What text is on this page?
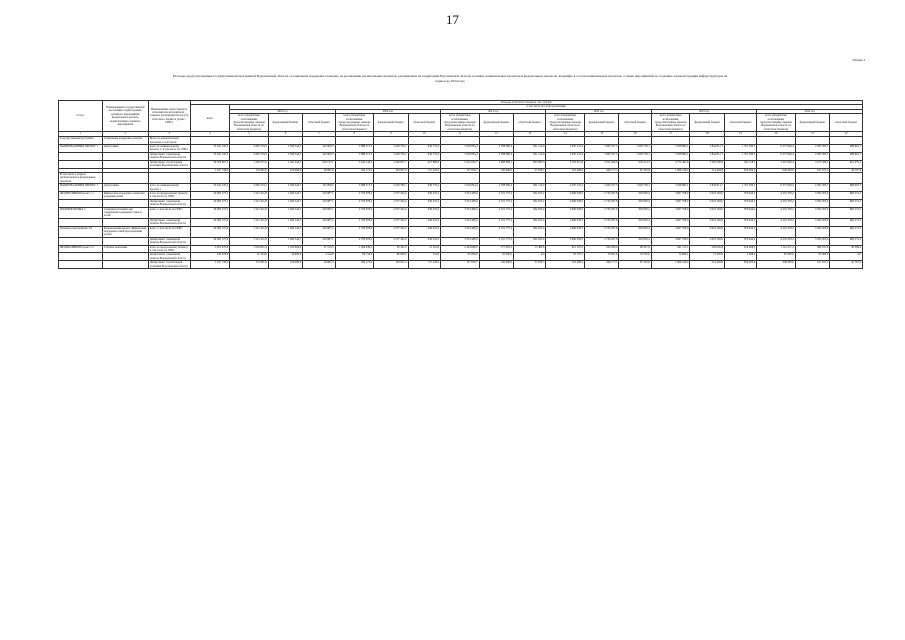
17
Таблица 4
Расходы, предусмотренные государственной программой Воронежской области «Социальная поддержка граждан» на реализацию региональных проектов, реализуемых на территории Воронежской области в рамках национальных проектов и федеральных проектов, входящих в состав национальных проектов, а также мероприятий по созданию и реконструкции инфраструктуры на период до 2024 года
Статус	Наименование государственной программы, подпрограммы, основного мероприятия, федерального проекта, подпрограммы основного мероприятия	Наименование ответственного исполнителя, исполнителя – главного распорядителя средств областного бюджета (далее – ГРБС)	Расходы областного бюджета, тыс. рублей																		
			всего	в том числе по годам реализации																	
				2019 год			2020 год			2021 год			2022 год			2023 год			2024 год		
				всего (бюджетные ассигнования, предусмотренные законом Воронежской области об областном бюджете)	федеральный бюджет	областной бюджет	всего (бюджетные ассигнования, предусмотренные законом Воронежской области об областном бюджете)	федеральный бюджет	областной бюджет	всего (бюджетные ассигнования, предусмотренные законом Воронежской области об областном бюджете)	федеральный бюджет	областной бюджет	всего (бюджетные ассигнования, предусмотренные законом Воронежской области об областном бюджете)	федеральный бюджет	областной бюджет	всего (бюджетные ассигнования, предусмотренные законом Воронежской области об областном бюджете)	федеральный бюджет	областной бюджет	всего (бюджетные ассигнования, предусмотренные законом Воронежской области об областном бюджете)	федеральный бюджет	областной бюджет
1	2	3	4	5	6	7	8	9	10	11	12	13	14	15	16	17	18	19	20	21	22
Государственная программа	Социальная поддержка граждан	Всего по национальным проектам, в том числе:																			
НАЦИОНАЛЬНЫЙ ПРОЕКТ 1	Демография	всего по национальному проекту 1, в том числе по ГРБС:	33 941 345,2	2 665 253,2	2 569 344,7	145 908,5	3 888 317,5	2 450 785,1	636 735,4	3 549 094,4	2 708 980,4	841 114,0	4 287 235,4	3 260 477,3	1 026 758,1	5 638 883,1	3 844 811,7	1 791 590,5	6 373 949,4	4 385 385,7	988 663,7
		Департамент социальной защиты Воронежской области	33 941 345,2	2 665 253,2	2 569 344,7	145 908,5	3 888 317,5	2 450 785,1	636 735,4	3 549 094,4	2 708 980,4	841 114,0	4 287 235,4	3 260 477,3	1 026 758,1	5 638 883,1	3 844 811,7	1 791 590,5	6 373 949,4	4 385 385,7	988 663,7
		Департамент строительной политики Воронежской области	30 503 607,3	1 583 471,6	1 463 344,7	418 127,1	3 624 144,3	2 346 837,7	427 806,6	3 412 063,7	2 608 998,1	803 065,3	3 763 831,0	2 814 299,6	939 214,3	4 772 463,9	3 330 226,9	941 118,1	5 425 664,4	3 473 586,5	961 979,1
			3 437 738,0	131 681,6	100 000,0	26 681,6	264 173,2	103 947,4	157 226,0	137 030,7	100 000,0	37 030,7	523 400,0	446 177,7	87 543,8	1 866 419,2	514 484,8	850 362,4	948 285,0	911 817,2	26 767,6
В том числе в разрезе региональных и федеральных проектов:																					
НАЦИОНАЛЬНЫЙ ПРОЕКТ 1	Демография	всего по национальному проекту 1	33 941 345,2	2 665 253,2	2 569 344,7	145 908,5	3 888 317,5	2 450 785,1	636 735,4	3 549 094,4	2 708 980,4	841 114,0	4 287 235,4	3 260 477,3	1 026 758,1	5 638 883,1	3 844 811,7	1 791 590,5	6 373 949,4	4 385 385,7	988 663,7
ФЕДЕРАЛЬНЫЙ проект 1.1	Финансовая поддержка семей при рождении детей	всего по федеральному проекту, в том числе по ГРБС:	29 065 727,4	1 521 431,8	1 404 544,7	416 887,1	2 793 878,4	2 357 443,2	436 435,2	3 354 408,4	2 531 775,2	822 633,2	3 666 038,2	2 736 207,8	929 830,4	4 697 768,0	3 618 184,9	979 644,2	4 232 478,2	3 395 203,9	960 274,3
		Департамент социальной защиты Воронежской области	29 065 727,4	1 521 431,8	1 404 544,7	416 887,1	2 793 878,4	2 357 443,2	436 435,2	3 354 408,4	2 531 775,2	822 633,2	3 666 038,2	2 736 207,8	929 830,4	4 697 768,0	3 618 184,9	979 644,2	4 232 478,2	3 395 203,9	960 274,3
ПОДПРОГРАММА 2	Совершенствование мер социальной поддержки семьи и детей	всего, в том числе по ГРБС:	29 065 727,4	1 521 431,8	1 404 544,7	416 887,1	2 793 878,4	2 357 443,2	436 435,2	3 354 408,4	2 531 775,2	822 633,2	3 666 038,2	2 736 207,8	929 830,4	4 697 768,0	3 618 184,9	979 644,2	4 232 478,2	3 395 203,9	960 274,3
		Департамент социальной защиты Воронежской области	29 065 727,4	1 521 431,8	1 404 544,7	416 887,1	2 793 878,4	2 357 443,2	436 435,2	3 354 408,4	2 531 775,2	822 633,2	3 666 038,2	2 736 207,8	929 830,4	4 697 768,0	3 618 184,9	979 644,2	4 232 478,2	3 395 203,9	960 274,3
Основное мероприятие 2.6	Региональный проект «Финансовая поддержка семей при рождении детей»	всего, в том числе по ГРБС:	29 065 727,4	1 521 431,8	1 404 544,7	416 887,1	2 793 878,4	2 357 443,2	436 435,2	3 354 408,4	2 531 775,2	822 633,2	3 666 038,2	2 736 207,8	929 830,4	4 697 768,0	3 618 184,9	979 644,2	4 232 478,2	3 395 203,9	960 274,3
		Департамент социальной защиты Воронежской области	29 065 727,4	1 521 431,8	1 404 544,7	416 887,1	2 793 878,4	2 357 443,2	436 435,2	3 354 408,4	2 531 775,2	822 633,2	3 666 038,2	2 736 207,8	929 830,4	4 697 768,0	3 618 184,9	979 644,2	4 232 478,2	3 395 203,9	960 274,3
ФЕДЕРАЛЬНЫЙ проект 1.2	Старшее поколение	всего по федеральному проекту, в том числе по ГРБС:	3 872 476,8	1 003 821,4	1 164 800,0	27 123,5	1 094 439,1	95 341,9	21 181,6	2 434 686,0	177 205,2	15 480,8	621 197,2	524 269,4	96 927,8	941 115,1	226 626,8	814 488,3	1 141 471,2	990 181,8	28 389,4
		Департамент социальной защиты Воронежской области	434 878,8	42 144,0	40 000,0	2 144,0	80 734,9	80 000,0	734,9	95 000,0	95 000,0	0,0	97 797,2	78 091,6	19 705,6	74 696,1	72 329,9	2 366,2	85 000,0	85 000,0	0,0
		Департамент строительной политики Воронежской области	3 437 738,0	131 681,6	100 000,0	26 681,6	264 173,2	103 947,4	157 226,0	137 030,7	100 000,0	37 030,7	523 400,0	446 177,7	87 543,8	1 866 419,2	514 484,8	850 362,4	948 285,0	911 817,2	26 767,6
